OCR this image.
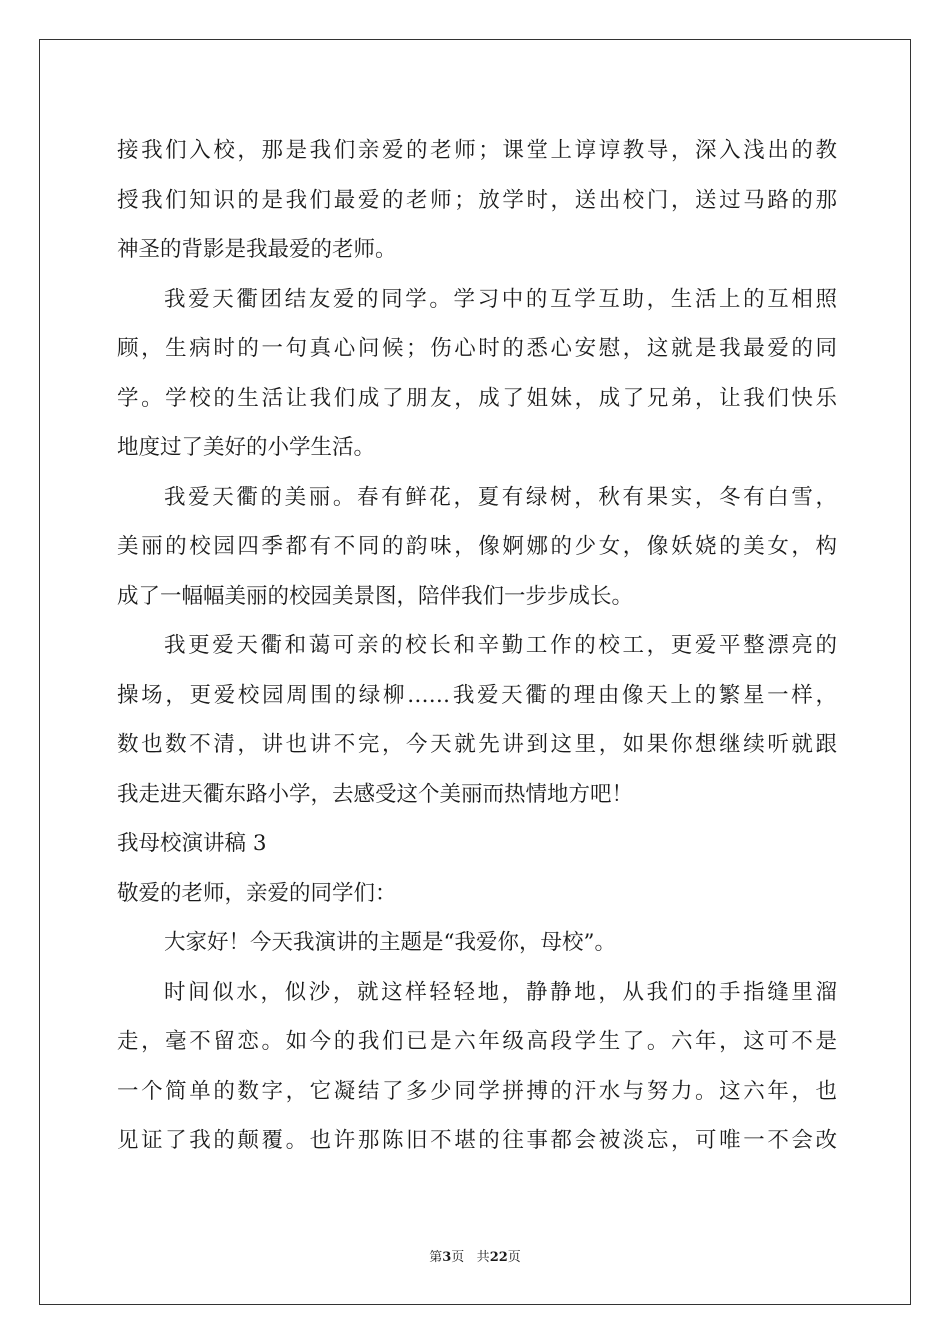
接我们入校，那是我们亲爱的老师；课堂上谆谆教导，深入浅出的教
授我们知识的是我们最爱的老师；放学时，送出校门，送过马路的那
神圣的背影是我最爱的老师。
我爱天衢团结友爱的同学。学习中的互学互助，生活上的互相照
顾，生病时的一句真心问候；伤心时的悉心安慰，这就是我最爱的同
学。学校的生活让我们成了朋友，成了姐妹，成了兄弟，让我们快乐
地度过了美好的小学生活。
我爱天衢的美丽。春有鲜花，夏有绿树，秋有果实，冬有白雪，
美丽的校园四季都有不同的韵味，像婀娜的少女，像妖娆的美女，构
成了一幅幅美丽的校园美景图，陪伴我们一步步成长。
我更爱天衢和蔼可亲的校长和辛勤工作的校工，更爱平整漂亮的
操场，更爱校园周围的绿柳……我爱天衢的理由像天上的繁星一样，
数也数不清，讲也讲不完，今天就先讲到这里，如果你想继续听就跟
我走进天衢东路小学，去感受这个美丽而热情地方吧！
我母校演讲稿 3
敬爱的老师，亲爱的同学们：
大家好！今天我演讲的主题是“我爱你，母校”。
时间似水，似沙，就这样轻轻地，静静地，从我们的手指缝里溜
走，毫不留恋。如今的我们已是六年级高段学生了。六年，这可不是
一个简单的数字，它凝结了多少同学拼搏的汗水与努力。这六年，也
见证了我的颠覆。也许那陈旧不堪的往事都会被淡忘，可唯一不会改
第3页 共22页
